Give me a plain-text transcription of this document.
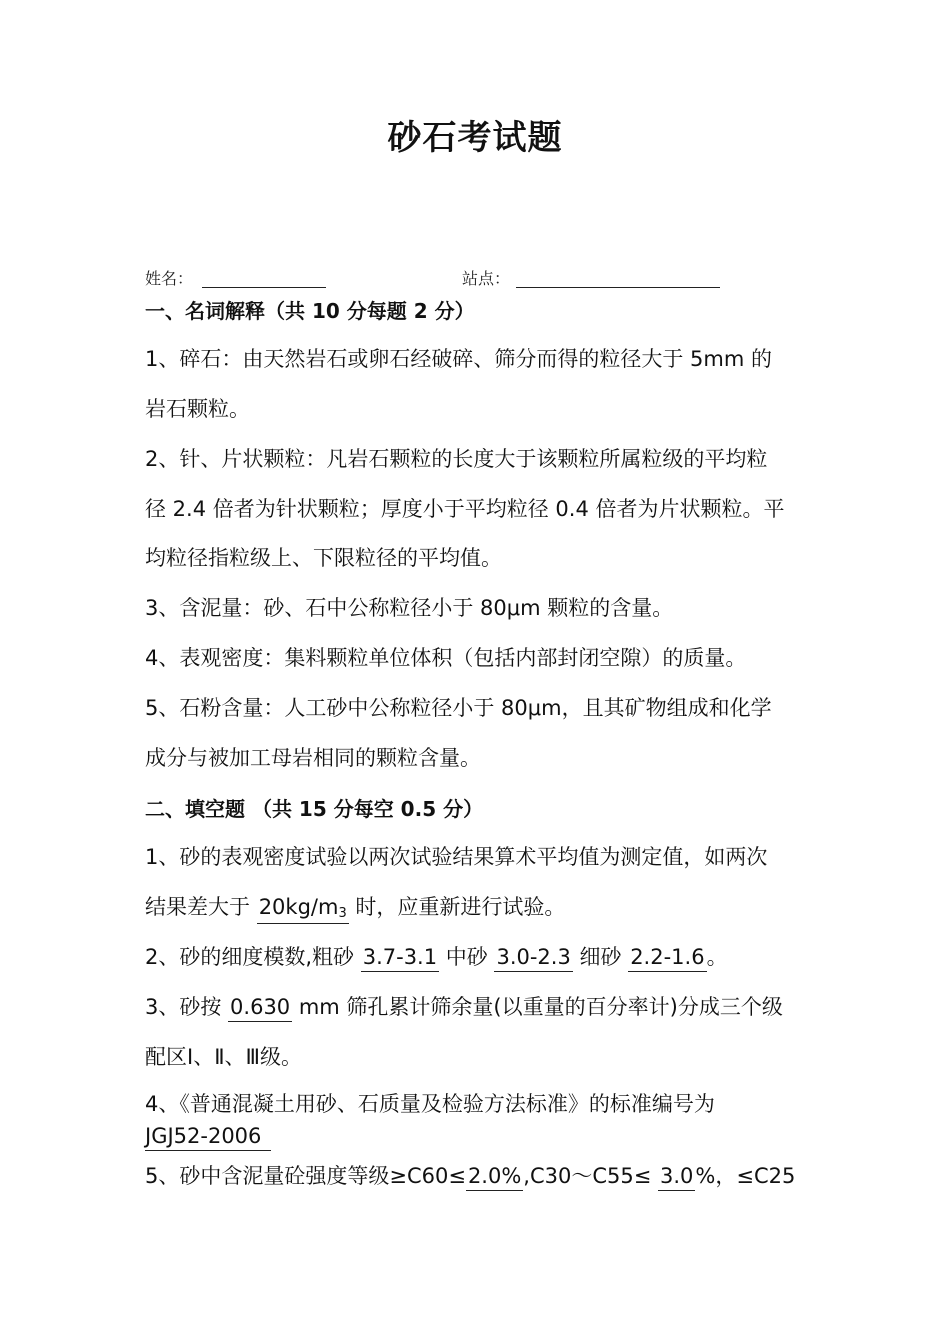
砂石考试题
姓名：	站点：
一、名词解释（共 10 分每题 2 分）
1、碎石：由天然岩石或卵石经破碎、筛分而得的粒径大于 5mm 的
岩石颗粒。
2、针、片状颗粒：凡岩石颗粒的长度大于该颗粒所属粒级的平均粒
径 2.4 倍者为针状颗粒；厚度小于平均粒径 0.4 倍者为片状颗粒。平
均粒径指粒级上、下限粒径的平均值。
3、含泥量：砂、石中公称粒径小于 80μm 颗粒的含量。
4、表观密度：集料颗粒单位体积（包括内部封闭空隙）的质量。
5、石粉含量：人工砂中公称粒径小于 80μm，且其矿物组成和化学
成分与被加工母岩相同的颗粒含量。
二、填空题 （共 15 分每空 0.5 分）
1、砂的表观密度试验以两次试验结果算术平均值为测定值，如两次
结果差大于 $20kg/m_3$ 时，应重新进行试验。
2、砂的细度模数,粗砂 3.7-3.1 中砂 3.0-2.3 细砂 2.2-1.6。
3、砂按 0.630 mm 筛孔累计筛余量(以重量的百分率计)分成三个级
配区Ⅰ、Ⅱ、Ⅲ级。
4、《普通混凝土用砂、石质量及检验方法标准》的标准编号为
JGJ52-2006
5、砂中含泥量砼强度等级≥C60≤2.0%,C30～C55≤ 3.0%，≤C25
